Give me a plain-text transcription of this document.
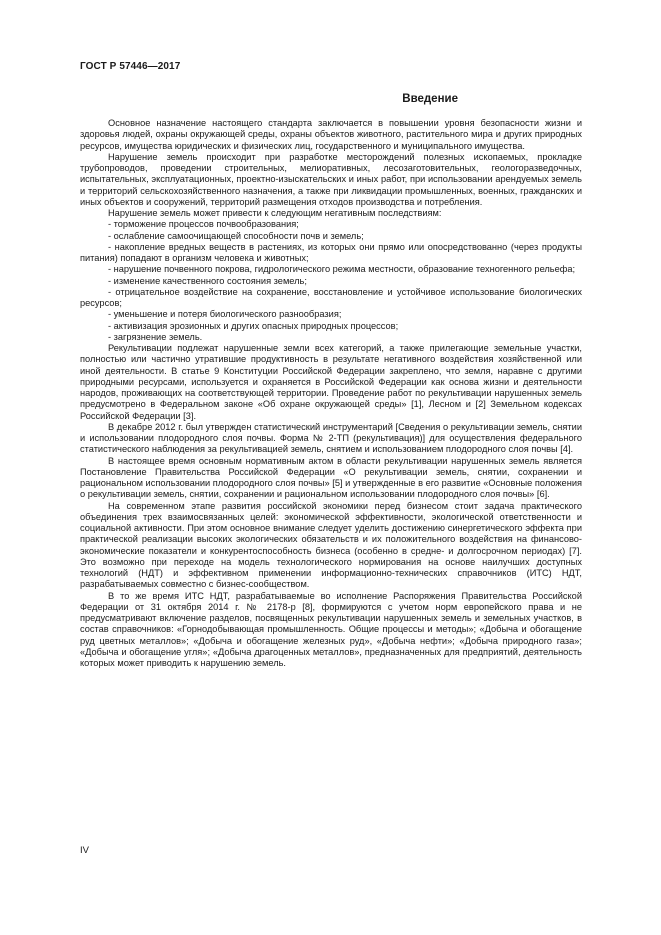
ГОСТ Р 57446—2017
Введение

Основное назначение настоящего стандарта заключается в повышении уровня безопасности жизни и здоровья людей, охраны окружающей среды, охраны объектов животного, растительного мира и других природных ресурсов, имущества юридических и физических лиц, государственного и муниципального имущества.

Нарушение земель происходит при разработке месторождений полезных ископаемых, прокладке трубопроводов, проведении строительных, мелиоративных, лесозаготовительных, геологоразведочных, испытательных, эксплуатационных, проектно-изыскательских и иных работ, при использовании арендуемых земель и территорий сельскохозяйственного назначения, а также при ликвидации промышленных, военных, гражданских и иных объектов и сооружений, территорий размещения отходов производства и потребления.

Нарушение земель может привести к следующим негативным последствиям:

- торможение процессов почвообразования;

- ослабление самоочищающей способности почв и земель;

- накопление вредных веществ в растениях, из которых они прямо или опосредствованно (через продукты питания) попадают в организм человека и животных;

- нарушение почвенного покрова, гидрологического режима местности, образование техногенного рельефа;

- изменение качественного состояния земель;

- отрицательное воздействие на сохранение, восстановление и устойчивое использование биологических ресурсов;

- уменьшение и потеря биологического разнообразия;

- активизация эрозионных и других опасных природных процессов;

- загрязнение земель.

Рекультивации подлежат нарушенные земли всех категорий, а также прилегающие земельные участки, полностью или частично утратившие продуктивность в результате негативного воздействия хозяйственной или иной деятельности. В статье 9 Конституции Российской Федерации закреплено, что земля, наравне с другими природными ресурсами, используется и охраняется в Российской Федерации как основа жизни и деятельности народов, проживающих на соответствующей территории. Проведение работ по рекультивации нарушенных земель предусмотрено в Федеральном законе «Об охране окружающей среды» [1], Лесном и [2] Земельном кодексах Российской Федерации [3].

В декабре 2012 г. был утвержден статистический инструментарий [Сведения о рекультивации земель, снятии и использовании плодородного слоя почвы. Форма № 2-ТП (рекультивация)] для осуществления федерального статистического наблюдения за рекультивацией земель, снятием и использованием плодородного слоя почвы [4].

В настоящее время основным нормативным актом в области рекультивации нарушенных земель является Постановление Правительства Российской Федерации «О рекультивации земель, снятии, сохранении и рациональном использовании плодородного слоя почвы» [5] и утвержденные в его развитие «Основные положения о рекультивации земель, снятии, сохранении и рациональном использовании плодородного слоя почвы» [6].

На современном этапе развития российской экономики перед бизнесом стоит задача практического объединения трех взаимосвязанных целей: экономической эффективности, экологической ответственности и социальной активности. При этом основное внимание следует уделить достижению синергетического эффекта при практической реализации высоких экологических обязательств и их положительного воздействия на финансово-экономические показатели и конкурентоспособность бизнеса (особенно в средне- и долгосрочном периодах) [7]. Это возможно при переходе на модель технологического нормирования на основе наилучших доступных технологий (НДТ) и эффективном применении информационно-технических справочников (ИТС) НДТ, разрабатываемых совместно с бизнес-сообществом.

В то же время ИТС НДТ, разрабатываемые во исполнение Распоряжения Правительства Российской Федерации от 31 октября 2014 г. № 2178-р [8], формируются с учетом норм европейского права и не предусматривают включение разделов, посвященных рекультивации нарушенных земель и земельных участков, в состав справочников: «Горнодобывающая промышленность. Общие процессы и методы»; «Добыча и обогащение руд цветных металлов»; «Добыча и обогащение железных руд», «Добыча нефти»; «Добыча природного газа»; «Добыча и обогащение угля»; «Добыча драгоценных металлов», предназначенных для предприятий, деятельность которых может приводить к нарушению земель.

IV
